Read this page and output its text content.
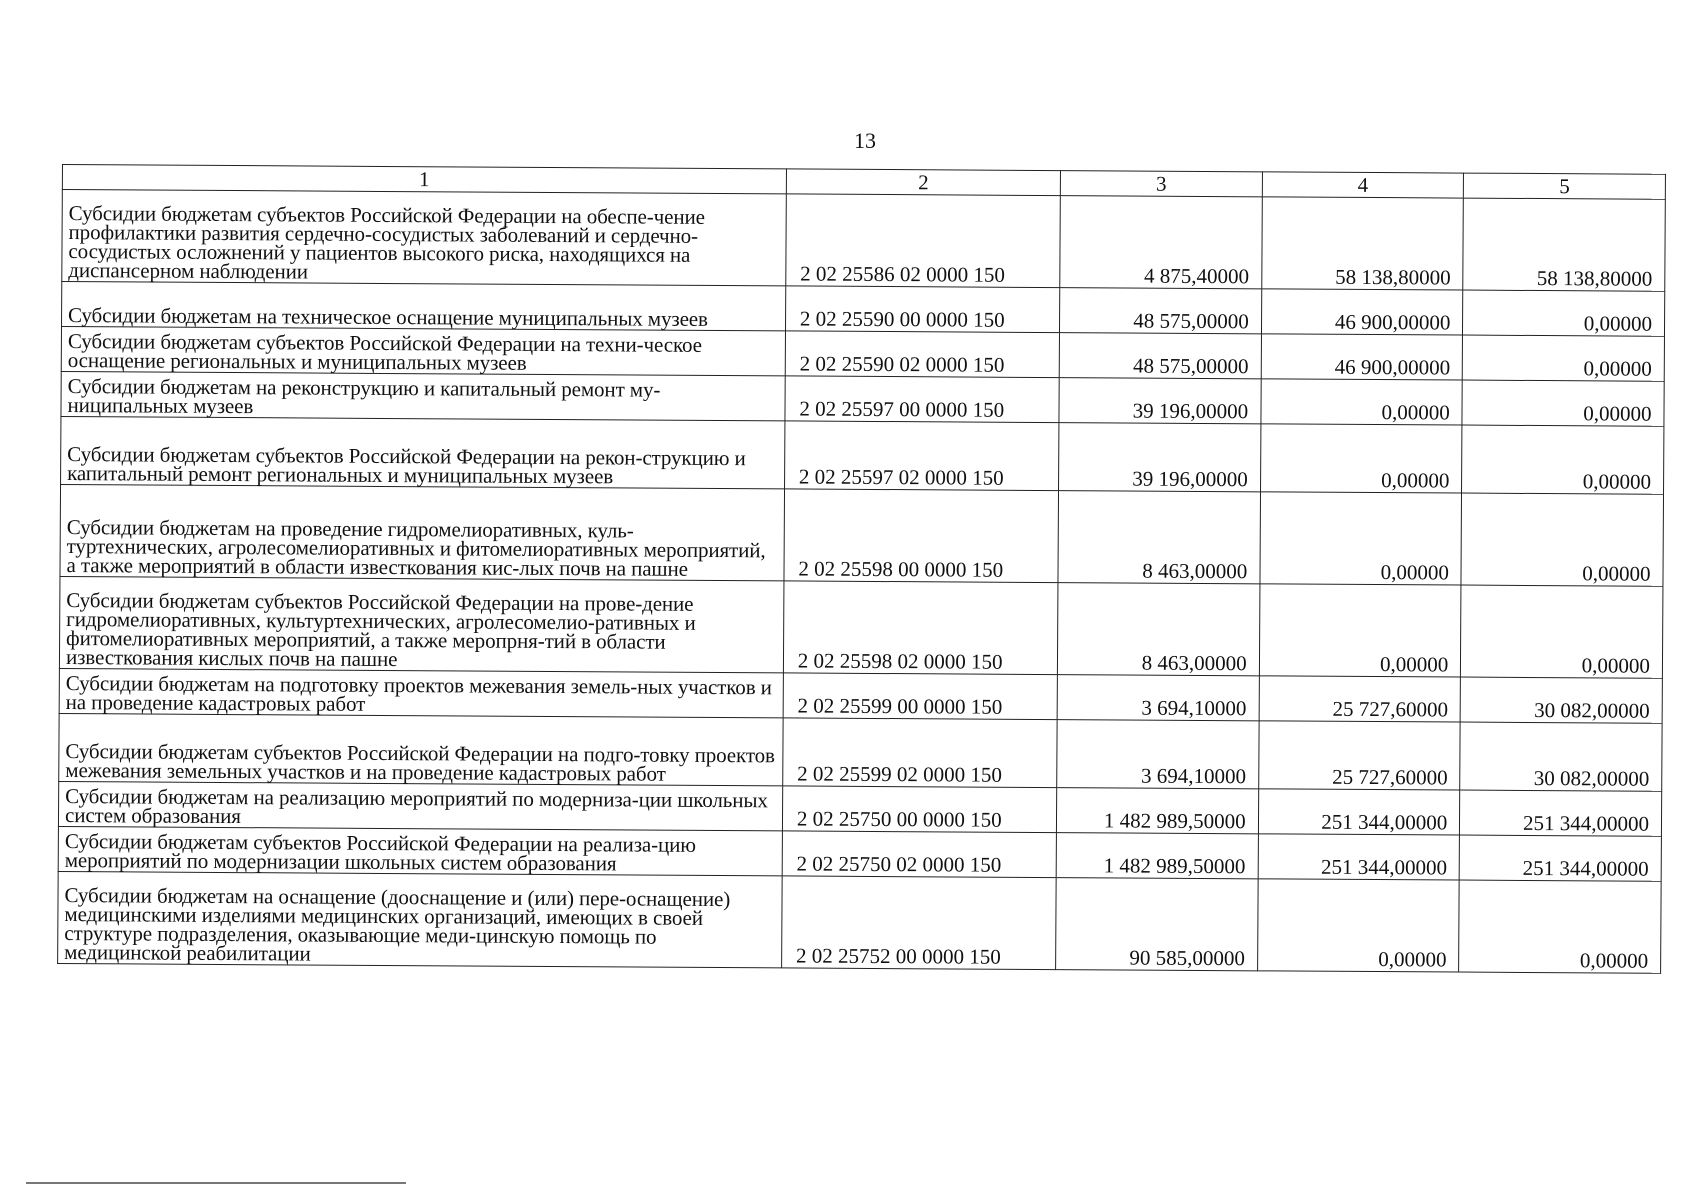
13
1	2	3	4	5
Субсидии бюджетам субъектов Российской Федерации на обеспе-чение профилактики развития сердечно-сосудистых заболеваний и сердечно-сосудистых осложнений у пациентов высокого риска, находящихся на диспансерном наблюдении	2 02 25586 02 0000 150	4 875,40000	58 138,80000	58 138,80000
Субсидии бюджетам на техническое оснащение муниципальных музеев	2 02 25590 00 0000 150	48 575,00000	46 900,00000	0,00000
Субсидии бюджетам субъектов Российской Федерации на техни-ческое оснащение региональных и муниципальных музеев	2 02 25590 02 0000 150	48 575,00000	46 900,00000	0,00000
Субсидии бюджетам на реконструкцию и капитальный ремонт му-ниципальных музеев	2 02 25597 00 0000 150	39 196,00000	0,00000	0,00000
Субсидии бюджетам субъектов Российской Федерации на рекон-струкцию и капитальный ремонт региональных и муниципальных музеев	2 02 25597 02 0000 150	39 196,00000	0,00000	0,00000
Субсидии бюджетам на проведение гидромелиоративных, куль-туртехнических, агролесомелиоративных и фитомелиоративных мероприятий, а также мероприятий в области известкования кис-лых почв на пашне	2 02 25598 00 0000 150	8 463,00000	0,00000	0,00000
Субсидии бюджетам субъектов Российской Федерации на прове-дение гидромелиоративных, культуртехнических, агролесомелио-ративных и фитомелиоративных мероприятий, а также меропрня-тий в области известкования кислых почв на пашне	2 02 25598 02 0000 150	8 463,00000	0,00000	0,00000
Субсидии бюджетам на подготовку проектов межевания земель-ных участков и на проведение кадастровых работ	2 02 25599 00 0000 150	3 694,10000	25 727,60000	30 082,00000
Субсидии бюджетам субъектов Российской Федерации на подго-товку проектов межевания земельных участков и на проведение кадастровых работ	2 02 25599 02 0000 150	3 694,10000	25 727,60000	30 082,00000
Субсидии бюджетам на реализацию мероприятий по модерниза-ции школьных систем образования	2 02 25750 00 0000 150	1 482 989,50000	251 344,00000	251 344,00000
Субсидии бюджетам субъектов Российской Федерации на реализа-цию мероприятий по модернизации школьных систем образования	2 02 25750 02 0000 150	1 482 989,50000	251 344,00000	251 344,00000
Субсидии бюджетам на оснащение (дооснащение и (или) пере-оснащение) медицинскими изделиями медицинских организаций, имеющих в своей структуре подразделения, оказывающие меди-цинскую помощь по медицинской реабилитации	2 02 25752 00 0000 150	90 585,00000	0,00000	0,00000
